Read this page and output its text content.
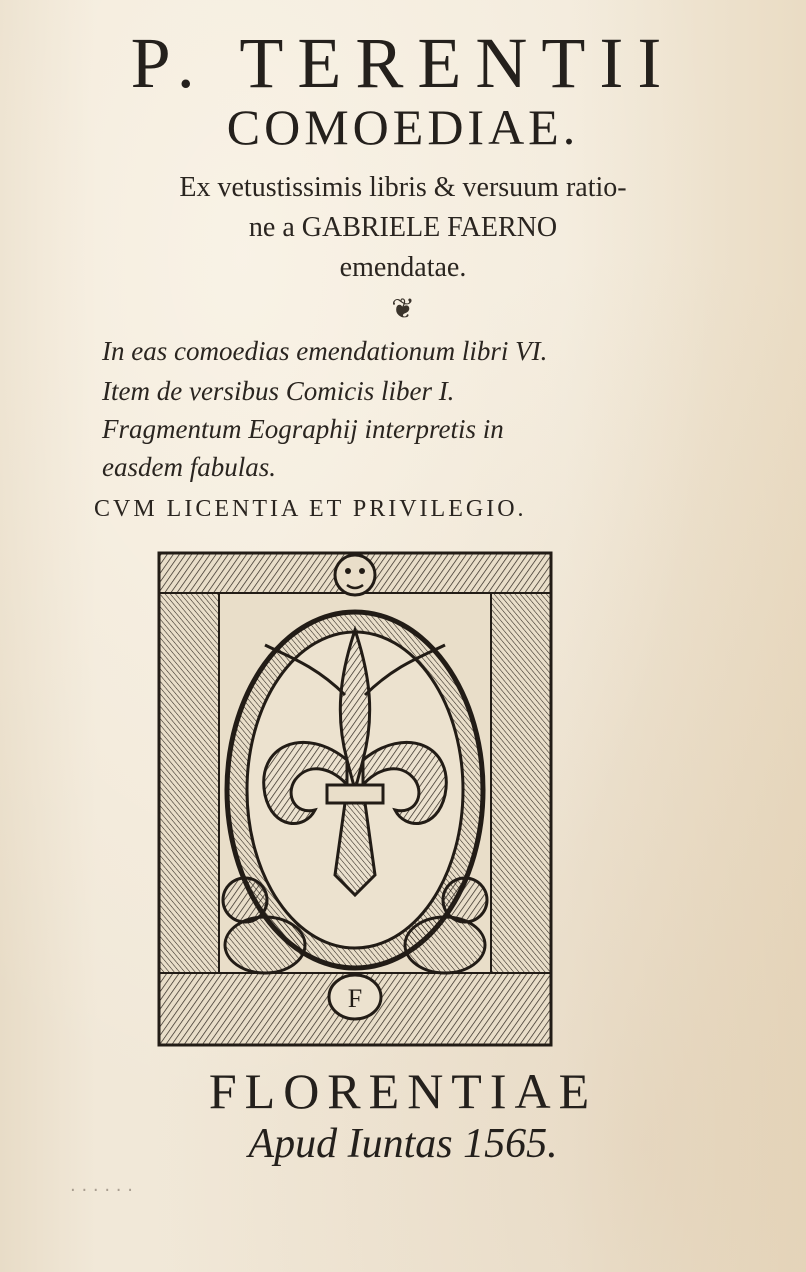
P. TERENTII
COMOEDIAE.
Ex vetustissimis libris & versuum ratio-
ne a GABRIELE FAERNO
emendatae.
❦
In eas comoedias emendationum libri VI.
Item de versibus Comicis liber I.
Fragmentum Eographij interpretis in
easdem fabulas.
CVM LICENTIA ET PRIVILEGIO.
F
FLORENTIAE
Apud Iuntas 1565.
· · · · · ·
